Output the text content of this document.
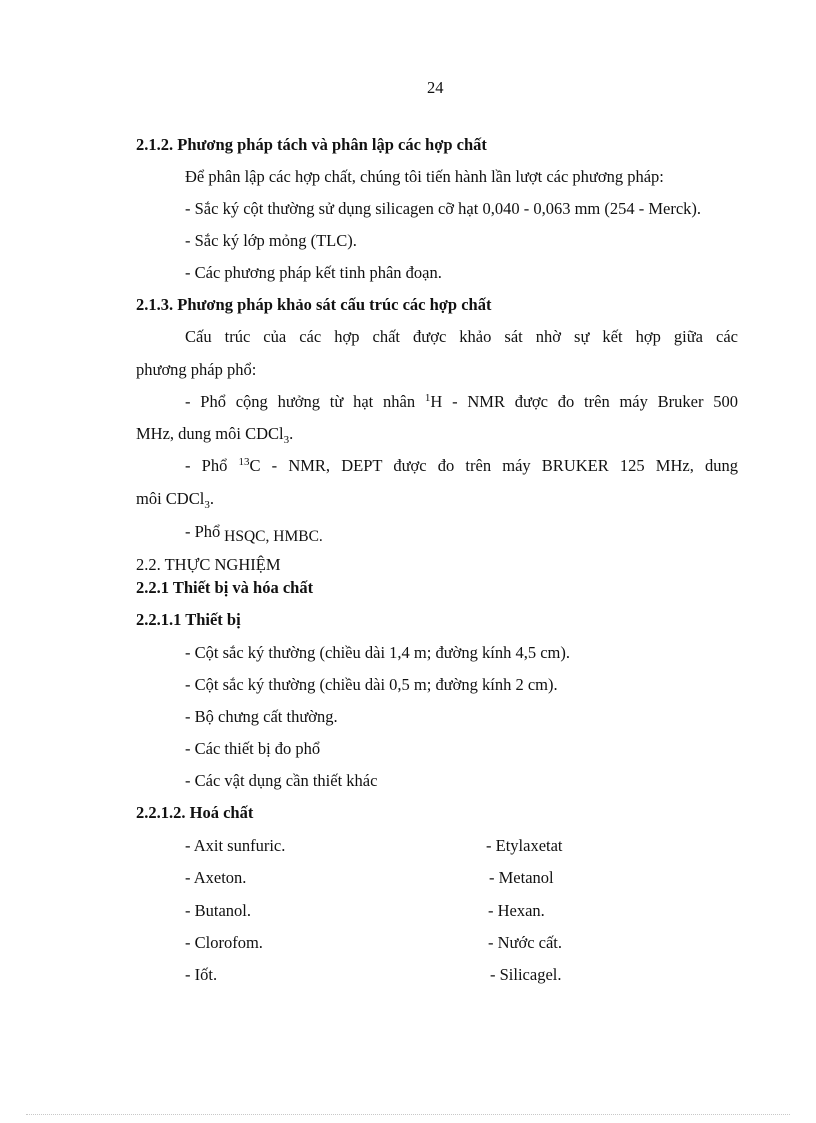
24
2.1.2. Phương pháp tách và phân lập các hợp chất
Để phân lập các hợp chất, chúng tôi tiến hành lần lượt các phương pháp:
- Sắc ký cột thường sử dụng silicagen cỡ hạt 0,040 - 0,063 mm (254 - Merck).
- Sắc ký lớp mỏng (TLC).
- Các phương pháp kết tinh phân đoạn.
2.1.3. Phương pháp khảo sát cấu trúc các hợp chất
Cấu trúc của các hợp chất được khảo sát nhờ sự kết hợp giữa các
phương pháp phổ:
- Phổ cộng hưởng từ hạt nhân $^1$H - NMR được đo trên máy Bruker 500
MHz, dung môi CDCl$_3$.
- Phổ $^{13}$C - NMR, DEPT được đo trên máy BRUKER 125 MHz, dung
môi CDCl$_3$.
- Phổ HSQC, HMBC.
2.2. THỰC NGHIỆM
2.2.1 Thiết bị và hóa chất
2.2.1.1 Thiết bị
- Cột sắc ký thường (chiều dài 1,4 m; đường kính 4,5 cm).
- Cột sắc ký thường (chiều dài 0,5 m; đường kính 2 cm).
- Bộ chưng cất thường.
- Các thiết bị đo phổ
- Các vật dụng cần thiết khác
2.2.1.2. Hoá chất
- Axit sunfuric.	- Etylaxetat
- Axeton.	- Metanol
- Butanol.	- Hexan.
- Clorofom.	- Nước cất.
- Iốt.	- Silicagel.
